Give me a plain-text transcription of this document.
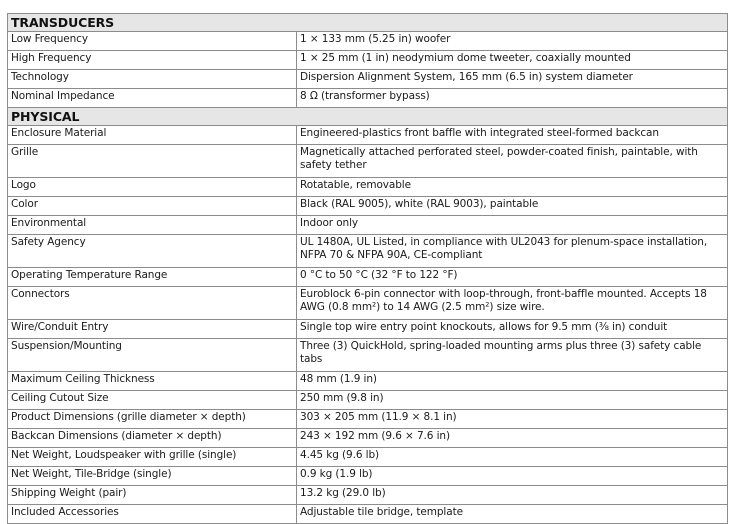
TRANSDUCERS	
Low Frequency	1 × 133 mm (5.25 in) woofer
High Frequency	1 × 25 mm (1 in) neodymium dome tweeter, coaxially mounted
Technology	Dispersion Alignment System, 165 mm (6.5 in) system diameter
Nominal Impedance	8 Ω (transformer bypass)
PHYSICAL	
Enclosure Material	Engineered-plastics front baffle with integrated steel-formed backcan
Grille	Magnetically attached perforated steel, powder-coated finish, paintable, with safety tether
Logo	Rotatable, removable
Color	Black (RAL 9005), white (RAL 9003), paintable
Environmental	Indoor only
Safety Agency	UL 1480A, UL Listed, in compliance with UL2043 for plenum-space installation, NFPA 70 & NFPA 90A, CE-compliant
Operating Temperature Range	0 °C to 50 °C (32 °F to 122 °F)
Connectors	Euroblock 6-pin connector with loop-through, front-baffle mounted. Accepts 18 AWG (0.8 mm²) to 14 AWG (2.5 mm²) size wire.
Wire/Conduit Entry	Single top wire entry point knockouts, allows for 9.5 mm (⅜ in) conduit
Suspension/Mounting	Three (3) QuickHold, spring-loaded mounting arms plus three (3) safety cable tabs
Maximum Ceiling Thickness	48 mm (1.9 in)
Ceiling Cutout Size	250 mm (9.8 in)
Product Dimensions (grille diameter × depth)	303 × 205 mm (11.9 × 8.1 in)
Backcan Dimensions (diameter × depth)	243 × 192 mm (9.6 × 7.6 in)
Net Weight, Loudspeaker with grille (single)	4.45 kg (9.6 lb)
Net Weight, Tile-Bridge (single)	0.9 kg (1.9 lb)
Shipping Weight (pair)	13.2 kg (29.0 lb)
Included Accessories	Adjustable tile bridge, template
